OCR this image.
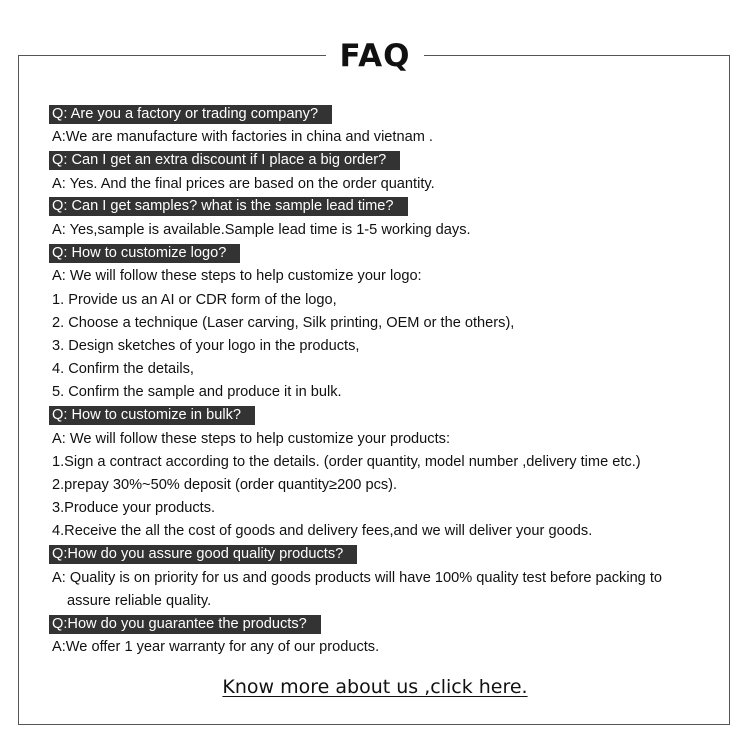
FAQ
Q: Are you a factory or trading company?
A:We are manufacture with factories in china and vietnam .
Q: Can I get an extra discount if I place a big order?
A: Yes. And the final prices are based on the order quantity.
Q: Can I get samples? what is the sample lead time?
A: Yes,sample is available.Sample lead time is 1-5 working days.
Q: How to customize logo?
A: We will follow these steps to help customize your logo:
1. Provide us an AI or CDR form of the logo,
2. Choose a technique (Laser carving, Silk printing, OEM or the others),
3. Design sketches of your logo in the products,
4. Confirm the details,
5. Confirm the sample and produce it in bulk.
Q: How to customize in bulk?
A: We will follow these steps to help customize your products:
1.Sign a contract according to the details. (order quantity, model number ,delivery time etc.)
2.prepay 30%~50% deposit (order quantity≥200 pcs).
3.Produce your products.
4.Receive the all the cost of goods and delivery fees,and we will deliver your goods.
Q:How do you assure good quality products?
A: Quality is on priority for us and goods products will have 100% quality test before packing to
assure reliable quality.
Q:How do you guarantee the products?
A:We offer 1 year warranty for any of our products.
Know more about us ,click here.
